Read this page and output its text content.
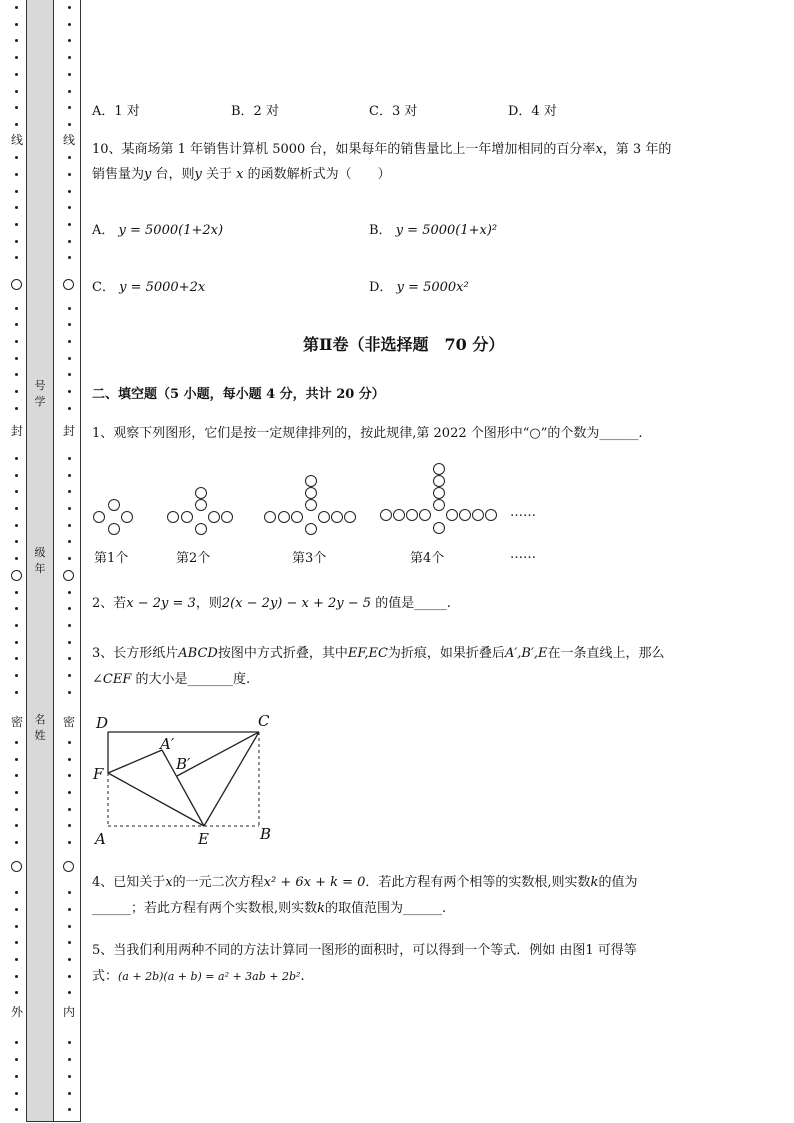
线
封
密
外
线
封
密
内
号
学
级
年
名
姓
A．1 对	B．2 对	C．3 对	D．4 对
10、某商场第 1 年销售计算机 5000 台，如果每年的销售量比上一年增加相同的百分率x，第 3 年的
销售量为y 台，则y 关于 x 的函数解析式为（　　）
A． y = 5000(1+2x)	B． y = 5000(1+x)²
C． y = 5000+2x	D． y = 5000x²
第Ⅱ卷（非选择题　70 分）
二、填空题（5 小题，每小题 4 分，共计 20 分）
1、观察下列图形，它们是按一定规律排列的，按此规律,第 2022 个图形中“○”的个数为______.
……
第1个	第2个	第3个	第4个	……
2、若x − 2y = 3，则2(x − 2y) − x + 2y − 5 的值是_____.
3、长方形纸片ABCD按图中方式折叠，其中EF,EC为折痕，如果折叠后A′,B′,E在一条直线上，那么
∠CEF 的大小是_______度.
D	C
A′
B′
F
A	E	B
4、已知关于x的一元二次方程x² + 6x + k = 0．若此方程有两个相等的实数根,则实数k的值为
______；若此方程有两个实数根,则实数k的取值范围为______.
5、当我们利用两种不同的方法计算同一图形的面积时，可以得到一个等式．例如 由图1 可得等
式：(a + 2b)(a + b) = a² + 3ab + 2b².
